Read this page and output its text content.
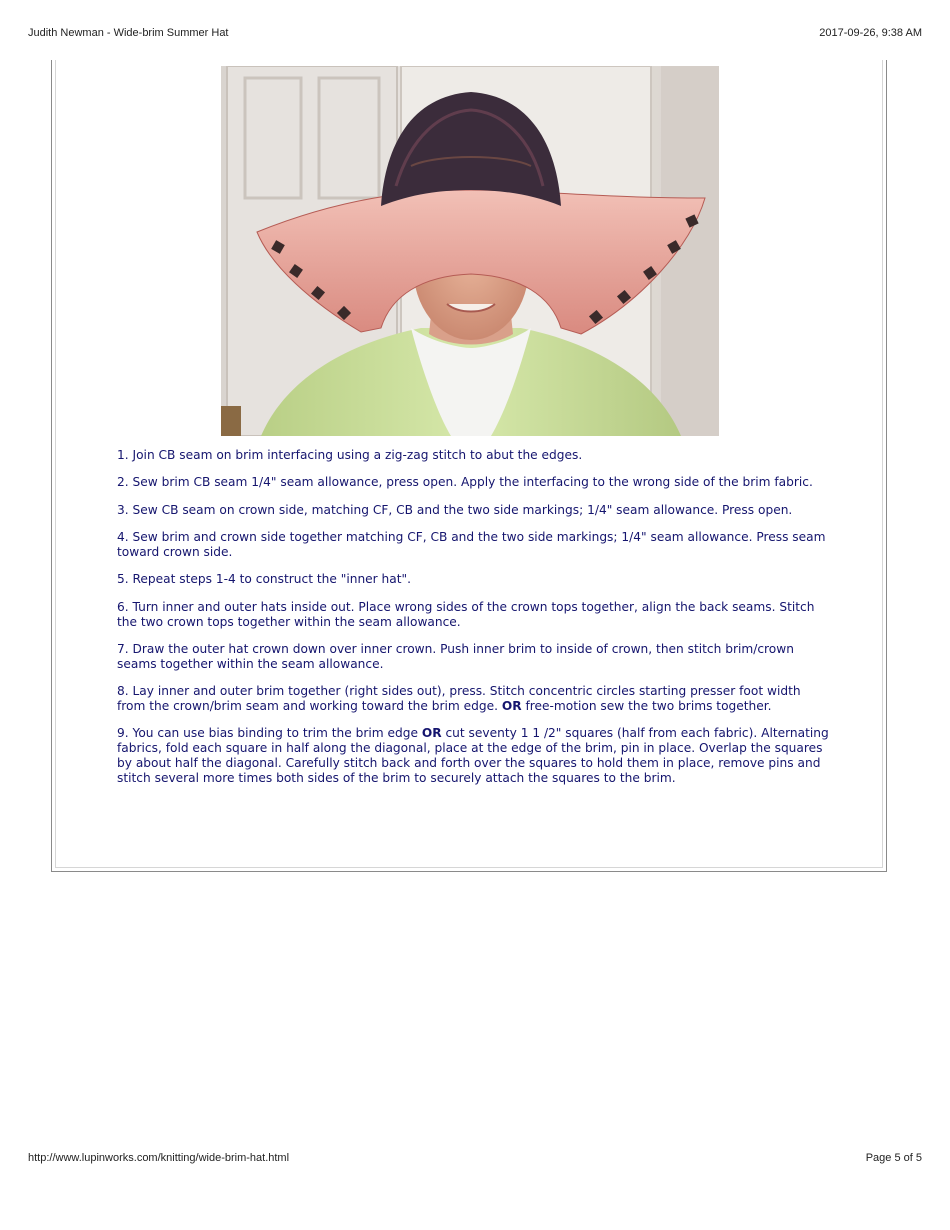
Judith Newman - Wide-brim Summer Hat	2017-09-26, 9:38 AM

1. Join CB seam on brim interfacing using a zig-zag stitch to abut the edges.

2. Sew brim CB seam 1/4" seam allowance, press open. Apply the interfacing to the wrong side of the brim fabric.

3. Sew CB seam on crown side, matching CF, CB and the two side markings; 1/4" seam allowance. Press open.

4. Sew brim and crown side together matching CF, CB and the two side markings; 1/4" seam allowance. Press seam toward crown side.

5. Repeat steps 1-4 to construct the "inner hat".

6. Turn inner and outer hats inside out. Place wrong sides of the crown tops together, align the back seams. Stitch the two crown tops together within the seam allowance.

7. Draw the outer hat crown down over inner crown. Push inner brim to inside of crown, then stitch brim/crown seams together within the seam allowance.

8. Lay inner and outer brim together (right sides out), press. Stitch concentric circles starting presser foot width from the crown/brim seam and working toward the brim edge. OR free-motion sew the two brims together.

9. You can use bias binding to trim the brim edge OR cut seventy 1 1 /2" squares (half from each fabric). Alternating fabrics, fold each square in half along the diagonal, place at the edge of the brim, pin in place. Overlap the squares by about half the diagonal. Carefully stitch back and forth over the squares to hold them in place, remove pins and stitch several more times both sides of the brim to securely attach the squares to the brim.

http://www.lupinworks.com/knitting/wide-brim-hat.html	Page 5 of 5
